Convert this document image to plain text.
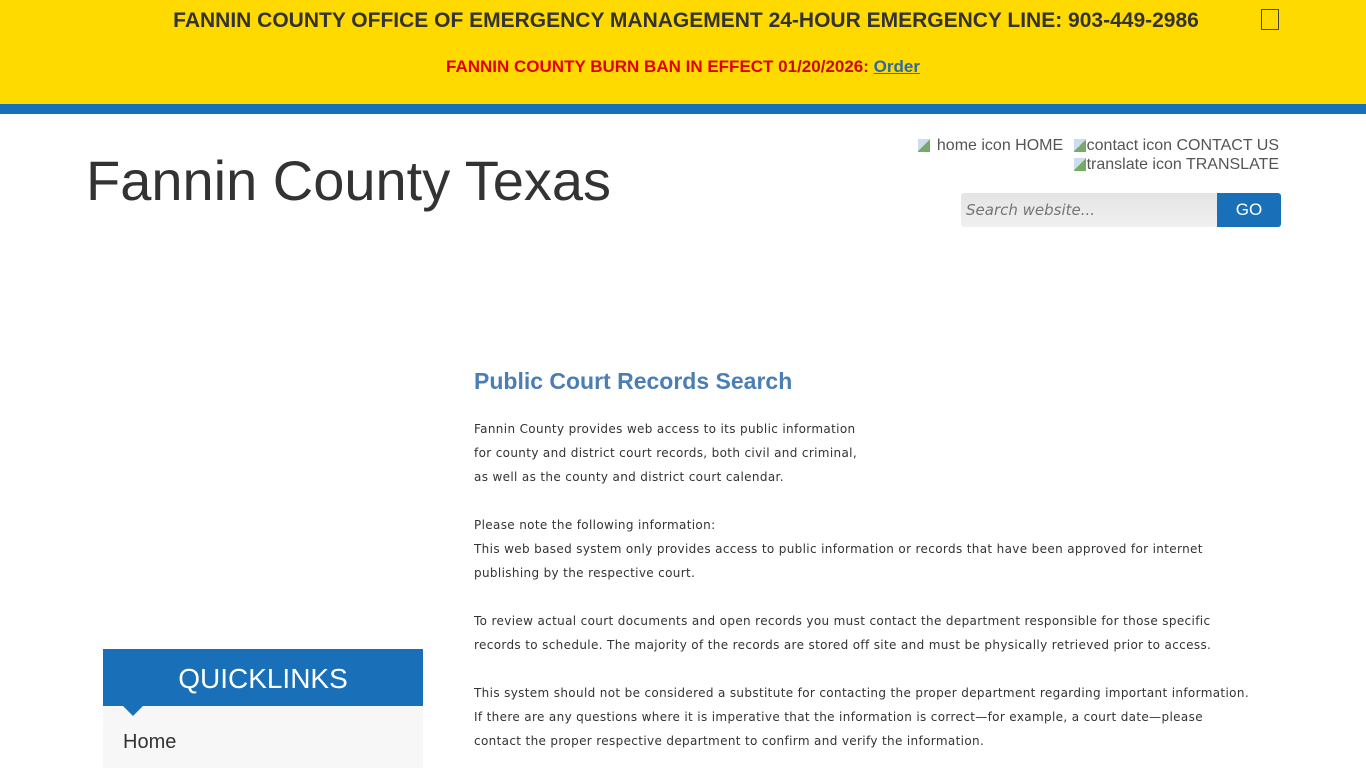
FANNIN COUNTY OFFICE OF EMERGENCY MANAGEMENT 24-HOUR EMERGENCY LINE: 903-449-2986
FANNIN COUNTY BURN BAN IN EFFECT 01/20/2026: Order
Fannin County Texas
home icon HOME contact icon CONTACT US
translate icon TRANSLATE
Search website...
GO
Public Court Records Search

Fannin County provides web access to its public information
for county and district court records, both civil and criminal,
as well as the county and district court calendar.

Please note the following information:
This web based system only provides access to public information or records that have been approved for internet publishing by the respective court.

To review actual court documents and open records you must contact the department responsible for those specific records to schedule. The majority of the records are stored off site and must be physically retrieved prior to access.

This system should not be considered a substitute for contacting the proper department regarding important information.
If there are any questions where it is imperative that the information is correct—for example, a court date—please contact the proper respective department to confirm and verify the information.

QUICKLINKS
Home
